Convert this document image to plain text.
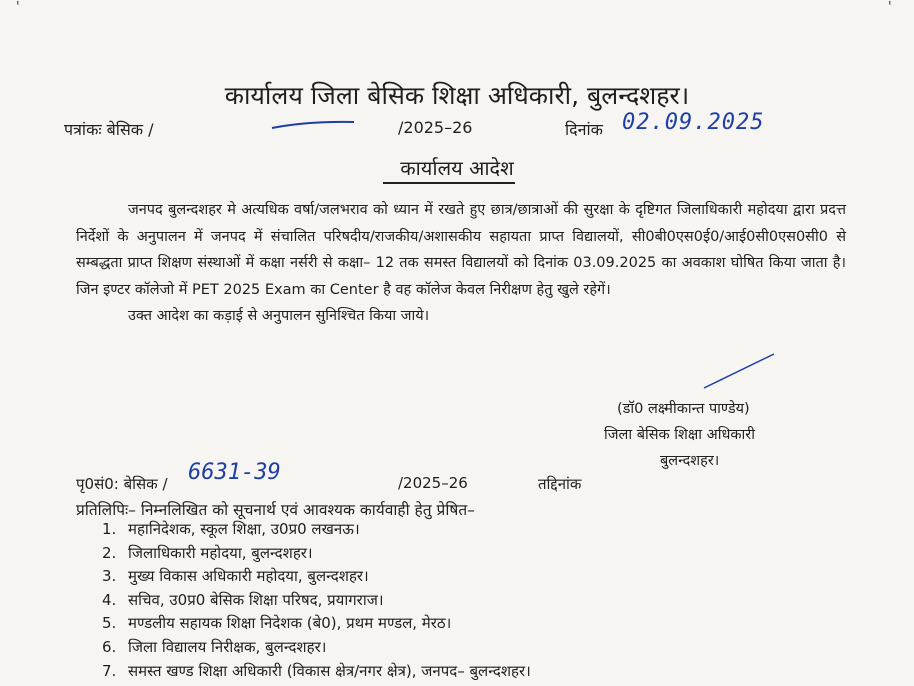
'	'
कार्यालय जिला बेसिक शिक्षा अधिकारी, बुलन्दशहर।
पत्रांकः बेसिक /	/2025–26	दिनांक 02.09.2025
कार्यालय आदेश

जनपद बुलन्दशहर मे अत्यधिक वर्षा/जलभराव को ध्यान में रखते हुए छात्र/छात्राओं की सुरक्षा के दृष्टिगत जिलाधिकारी महोदया द्वारा प्रदत्त निर्देशों के अनुपालन में जनपद में संचालित परिषदीय/राजकीय/अशासकीय सहायता प्राप्त विद्यालयों, सी0बी0एस0ई0/आई0सी0एस0सी0 से सम्बद्धता प्राप्त शिक्षण संस्थाओं में कक्षा नर्सरी से कक्षा– 12 तक समस्त विद्यालयों को दिनांक 03.09.2025 का अवकाश घोषित किया जाता है। जिन इण्टर कॉलेजो में PET 2025 Exam का Center है वह कॉलेज केवल निरीक्षण हेतु खुले रहेगें।

उक्त आदेश का कड़ाई से अनुपालन सुनिश्चित किया जाये।

(डॉ0 लक्ष्मीकान्त पाण्डेय)
जिला बेसिक शिक्षा अधिकारी
बुलन्दशहर।
पृ0सं0: बेसिक / 6631-39	/2025–26	तद्दिनांक
प्रतिलिपिः– निम्नलिखित को सूचनार्थ एवं आवश्यक कार्यवाही हेतु प्रेषित–
1. महानिदेशक, स्कूल शिक्षा, उ0प्र0 लखनऊ।
2. जिलाधिकारी महोदया, बुलन्दशहर।
3. मुख्य विकास अधिकारी महोदया, बुलन्दशहर।
4. सचिव, उ0प्र0 बेसिक शिक्षा परिषद, प्रयागराज।
5. मण्डलीय सहायक शिक्षा निदेशक (बे0), प्रथम मण्डल, मेरठ।
6. जिला विद्यालय निरीक्षक, बुलन्दशहर।
7. समस्त खण्ड शिक्षा अधिकारी (विकास क्षेत्र/नगर क्षेत्र), जनपद– बुलन्दशहर।
